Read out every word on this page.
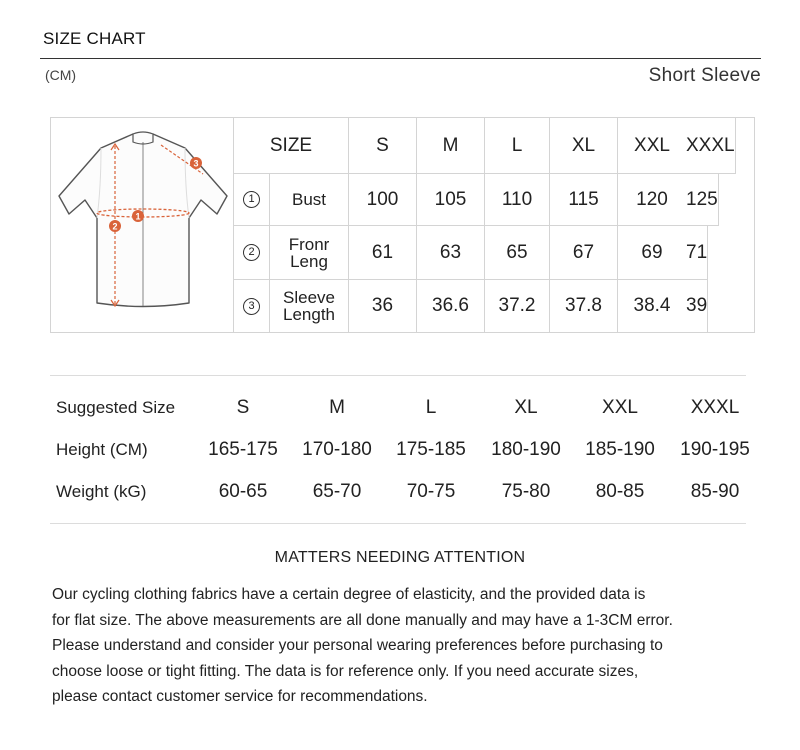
SIZE CHART
(CM)	Short Sleeve
1
2
3
SIZE	S	M	L	XL	XXL XXXL
1	Bust	100	105	110	115	120 125
2	Fronr
Leng	61	63	65	67	69	71
3	Sleeve
Length	36	36.6	37.2	37.8	38.4 39
Suggested Size	S	M	L	XL	XXL	XXXL
Height (CM)	165-175	170-180	175-185	180-190	185-190	190-195
Weight (kG)	60-65	65-70	70-75	75-80	80-85	85-90
MATTERS NEEDING ATTENTION
Our cycling clothing fabrics have a certain degree of elasticity, and the provided data is
for flat size. The above measurements are all done manually and may have a 1-3CM error.
Please understand and consider your personal wearing preferences before purchasing to
choose loose or tight fitting. The data is for reference only. If you need accurate sizes,
please contact customer service for recommendations.
